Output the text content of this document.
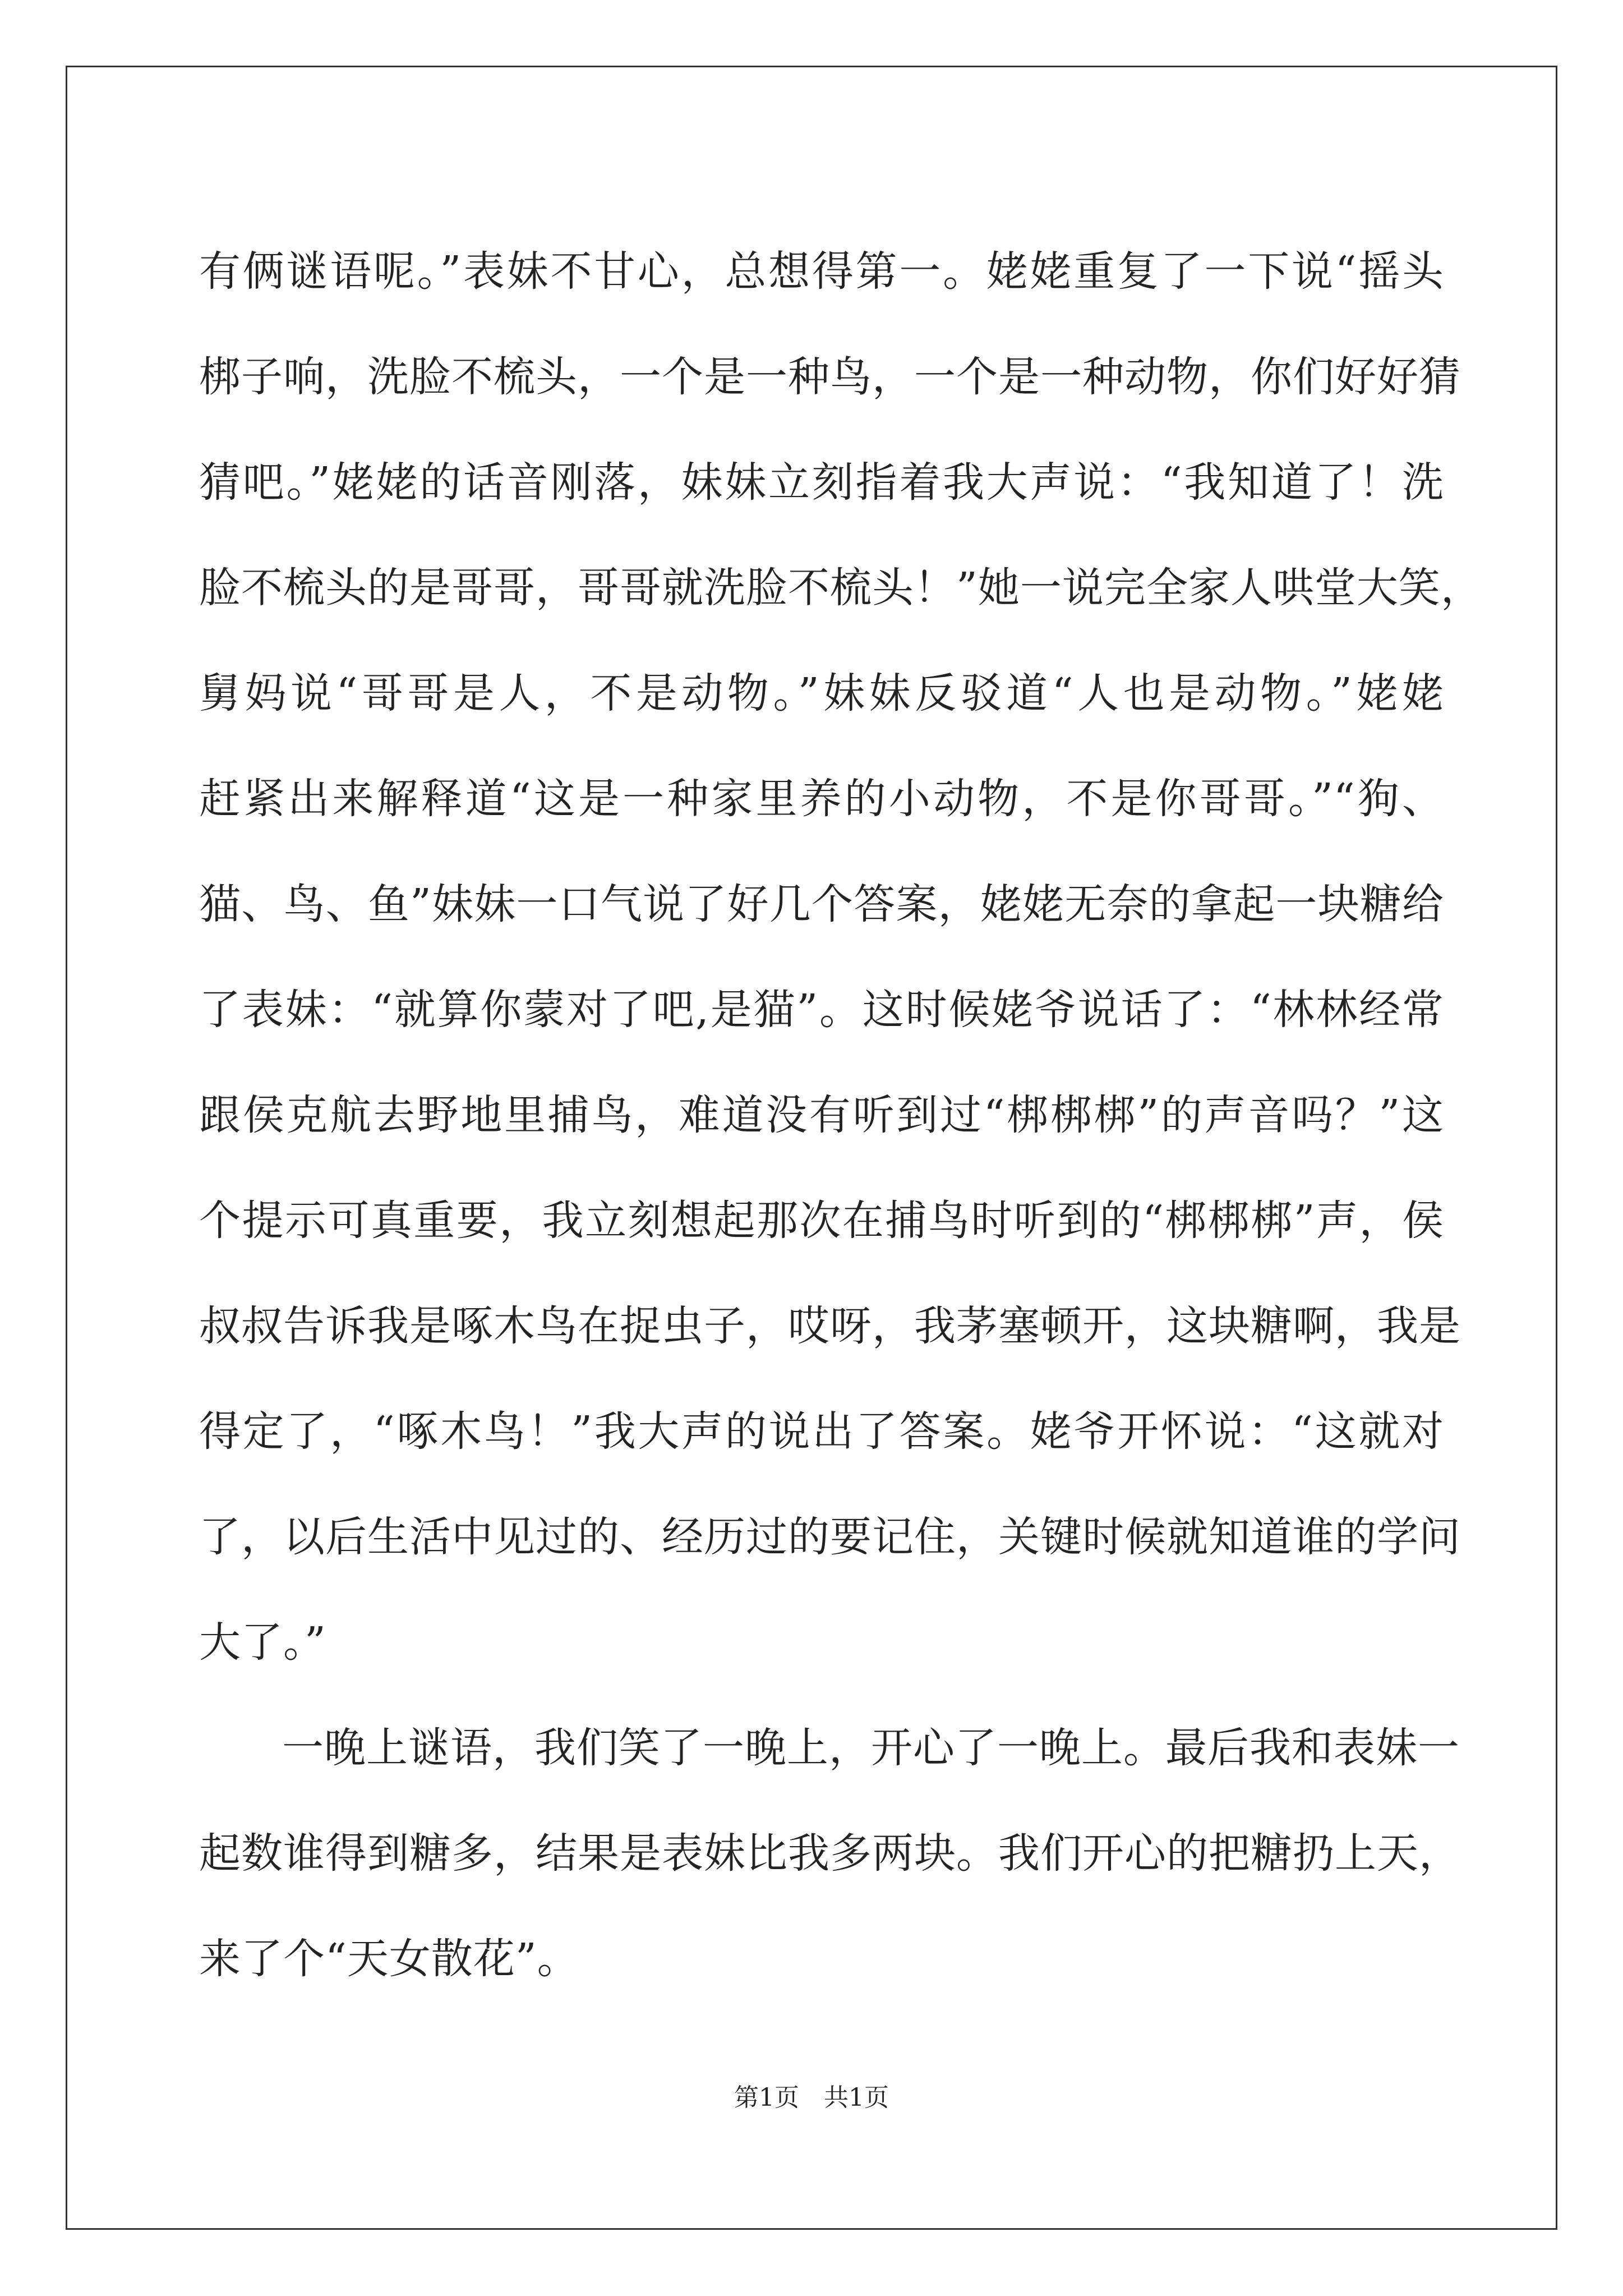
有俩谜语呢。”表妹不甘心，总想得第一。姥姥重复了一下说“摇头
梆子响，洗脸不梳头，一个是一种鸟，一个是一种动物，你们好好猜
猜吧。”姥姥的话音刚落，妹妹立刻指着我大声说：“我知道了！洗
脸不梳头的是哥哥，哥哥就洗脸不梳头！”她一说完全家人哄堂大笑，
舅妈说“哥哥是人，不是动物。”妹妹反驳道“人也是动物。”姥姥
赶紧出来解释道“这是一种家里养的小动物，不是你哥哥。”“狗、
猫、鸟、鱼”妹妹一口气说了好几个答案，姥姥无奈的拿起一块糖给
了表妹：“就算你蒙对了吧,是猫”。这时候姥爷说话了：“林林经常
跟侯克航去野地里捕鸟，难道没有听到过“梆梆梆”的声音吗？”这
个提示可真重要，我立刻想起那次在捕鸟时听到的“梆梆梆”声，侯
叔叔告诉我是啄木鸟在捉虫子，哎呀，我茅塞顿开，这块糖啊，我是
得定了，“啄木鸟！”我大声的说出了答案。姥爷开怀说：“这就对
了，以后生活中见过的、经历过的要记住，关键时候就知道谁的学问
大了。”
一晚上谜语，我们笑了一晚上，开心了一晚上。最后我和表妹一
起数谁得到糖多，结果是表妹比我多两块。我们开心的把糖扔上天，
来了个“天女散花”。
第1页　共1页
